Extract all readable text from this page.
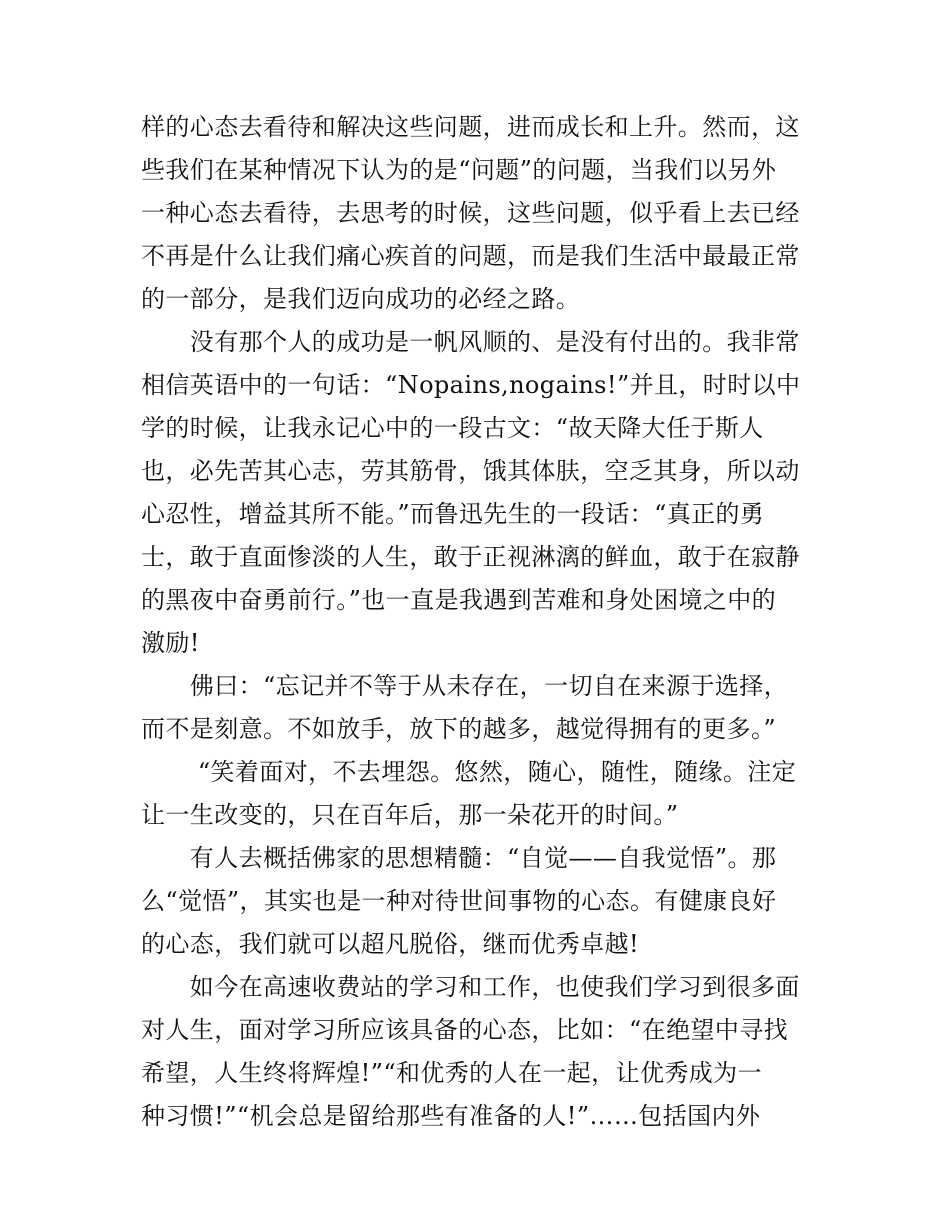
样的心态去看待和解决这些问题，进而成长和上升。然而，这
些我们在某种情况下认为的是“问题”的问题，当我们以另外
一种心态去看待，去思考的时候，这些问题，似乎看上去已经
不再是什么让我们痛心疾首的问题，而是我们生活中最最正常
的一部分，是我们迈向成功的必经之路。
　　没有那个人的成功是一帆风顺的、是没有付出的。我非常
相信英语中的一句话：“Nopains,nogains!”并且，时时以中
学的时候，让我永记心中的一段古文：“故天降大任于斯人
也，必先苦其心志，劳其筋骨，饿其体肤，空乏其身，所以动
心忍性，增益其所不能。”而鲁迅先生的一段话：“真正的勇
士，敢于直面惨淡的人生，敢于正视淋漓的鲜血，敢于在寂静
的黑夜中奋勇前行。”也一直是我遇到苦难和身处困境之中的
激励!
　　佛曰：“忘记并不等于从未存在，一切自在来源于选择，
而不是刻意。不如放手，放下的越多，越觉得拥有的更多。”
　　 “笑着面对，不去埋怨。悠然，随心，随性，随缘。注定
让一生改变的，只在百年后，那一朵花开的时间。”
　　有人去概括佛家的思想精髓：“自觉——自我觉悟”。那
么“觉悟”，其实也是一种对待世间事物的心态。有健康良好
的心态，我们就可以超凡脱俗，继而优秀卓越!
　　如今在高速收费站的学习和工作，也使我们学习到很多面
对人生，面对学习所应该具备的心态，比如：“在绝望中寻找
希望，人生终将辉煌!”“和优秀的人在一起，让优秀成为一
种习惯!”“机会总是留给那些有准备的人!”……包括国内外
